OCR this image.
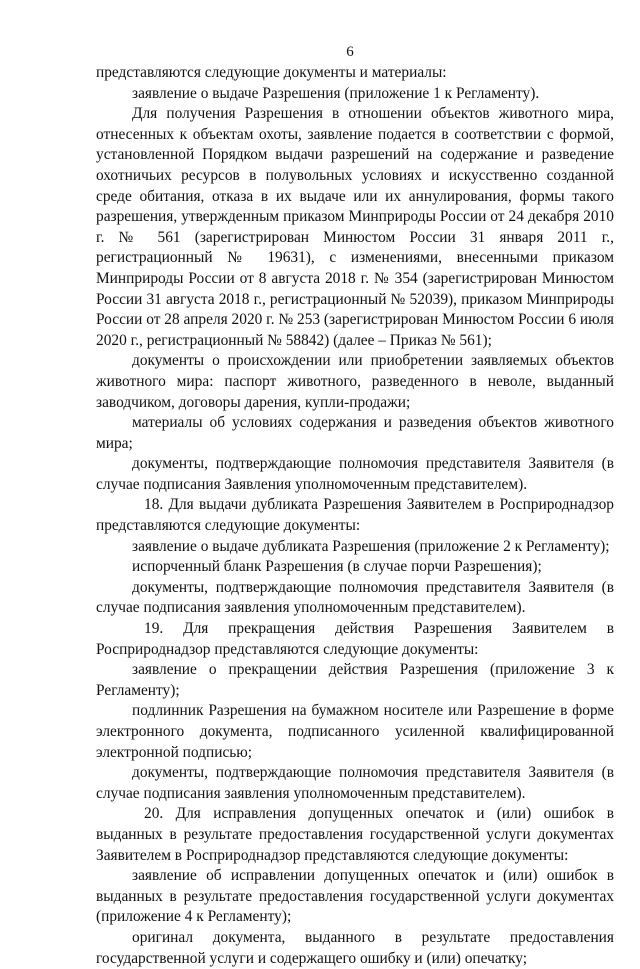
6

представляются следующие документы и материалы:

заявление о выдаче Разрешения (приложение 1 к Регламенту).

Для получения Разрешения в отношении объектов животного мира, отнесенных к объектам охоты, заявление подается в соответствии с формой, установленной Порядком выдачи разрешений на содержание и разведение охотничьих ресурсов в полувольных условиях и искусственно созданной среде обитания, отказа в их выдаче или их аннулирования, формы такого разрешения, утвержденным приказом Минприроды России от 24 декабря 2010 г. № 561 (зарегистрирован Минюстом России 31 января 2011 г., регистрационный № 19631), с изменениями, внесенными приказом Минприроды России от 8 августа 2018 г. № 354 (зарегистрирован Минюстом России 31 августа 2018 г., регистрационный № 52039), приказом Минприроды России от 28 апреля 2020 г. № 253 (зарегистрирован Минюстом России 6 июля 2020 г., регистрационный № 58842) (далее – Приказ № 561);

документы о происхождении или приобретении заявляемых объектов животного мира: паспорт животного, разведенного в неволе, выданный заводчиком, договоры дарения, купли-продажи;

материалы об условиях содержания и разведения объектов животного мира;

документы, подтверждающие полномочия представителя Заявителя (в случае подписания Заявления уполномоченным представителем).

18. Для выдачи дубликата Разрешения Заявителем в Росприроднадзор представляются следующие документы:

заявление о выдаче дубликата Разрешения (приложение 2 к Регламенту);

испорченный бланк Разрешения (в случае порчи Разрешения);

документы, подтверждающие полномочия представителя Заявителя (в случае подписания заявления уполномоченным представителем).

19. Для прекращения действия Разрешения Заявителем в Росприроднадзор представляются следующие документы:

заявление о прекращении действия Разрешения (приложение 3 к Регламенту);

подлинник Разрешения на бумажном носителе или Разрешение в форме электронного документа, подписанного усиленной квалифицированной электронной подписью;

документы, подтверждающие полномочия представителя Заявителя (в случае подписания заявления уполномоченным представителем).

20. Для исправления допущенных опечаток и (или) ошибок в выданных в результате предоставления государственной услуги документах Заявителем в Росприроднадзор представляются следующие документы:

заявление об исправлении допущенных опечаток и (или) ошибок в выданных в результате предоставления государственной услуги документах (приложение 4 к Регламенту);

оригинал документа, выданного в результате предоставления государственной услуги и содержащего ошибку и (или) опечатку;
